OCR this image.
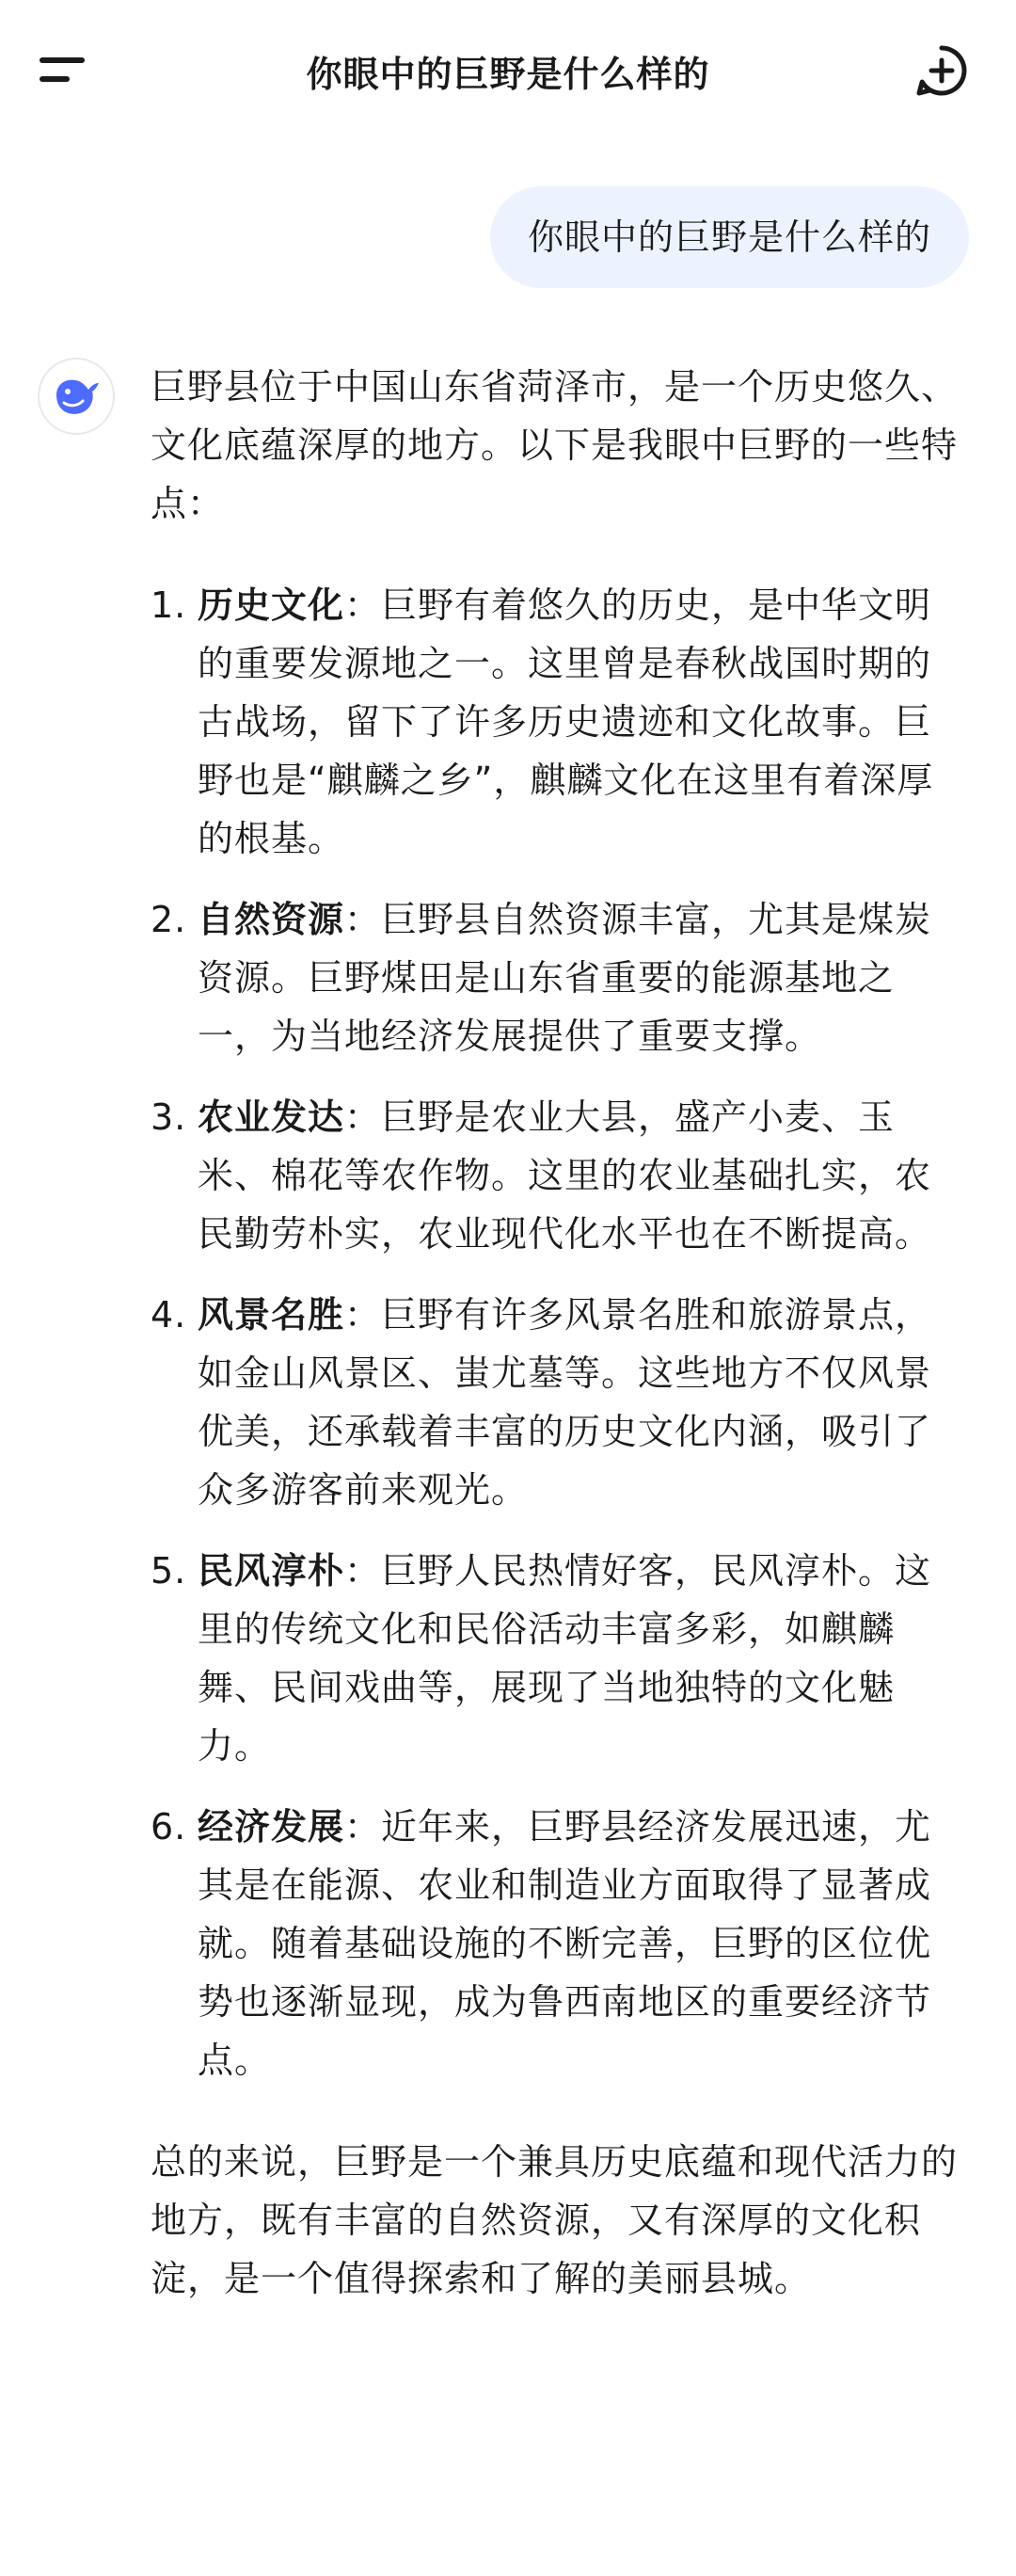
你眼中的巨野是什么样的
你眼中的巨野是什么样的

巨野县位于中国山东省菏泽市，是一个历史悠久、文化底蕴深厚的地方。以下是我眼中巨野的一些特点：

1. 历史文化：巨野有着悠久的历史，是中华文明的重要发源地之一。这里曾是春秋战国时期的古战场，留下了许多历史遗迹和文化故事。巨野也是“麒麟之乡”，麒麟文化在这里有着深厚的根基。
2. 自然资源：巨野县自然资源丰富，尤其是煤炭资源。巨野煤田是山东省重要的能源基地之一，为当地经济发展提供了重要支撑。
3. 农业发达：巨野是农业大县，盛产小麦、玉米、棉花等农作物。这里的农业基础扎实，农民勤劳朴实，农业现代化水平也在不断提高。
4. 风景名胜：巨野有许多风景名胜和旅游景点，如金山风景区、蚩尤墓等。这些地方不仅风景优美，还承载着丰富的历史文化内涵，吸引了众多游客前来观光。
5. 民风淳朴：巨野人民热情好客，民风淳朴。这里的传统文化和民俗活动丰富多彩，如麒麟舞、民间戏曲等，展现了当地独特的文化魅力。
6. 经济发展：近年来，巨野县经济发展迅速，尤其是在能源、农业和制造业方面取得了显著成就。随着基础设施的不断完善，巨野的区位优势也逐渐显现，成为鲁西南地区的重要经济节点。

总的来说，巨野是一个兼具历史底蕴和现代活力的地方，既有丰富的自然资源，又有深厚的文化积淀，是一个值得探索和了解的美丽县城。
